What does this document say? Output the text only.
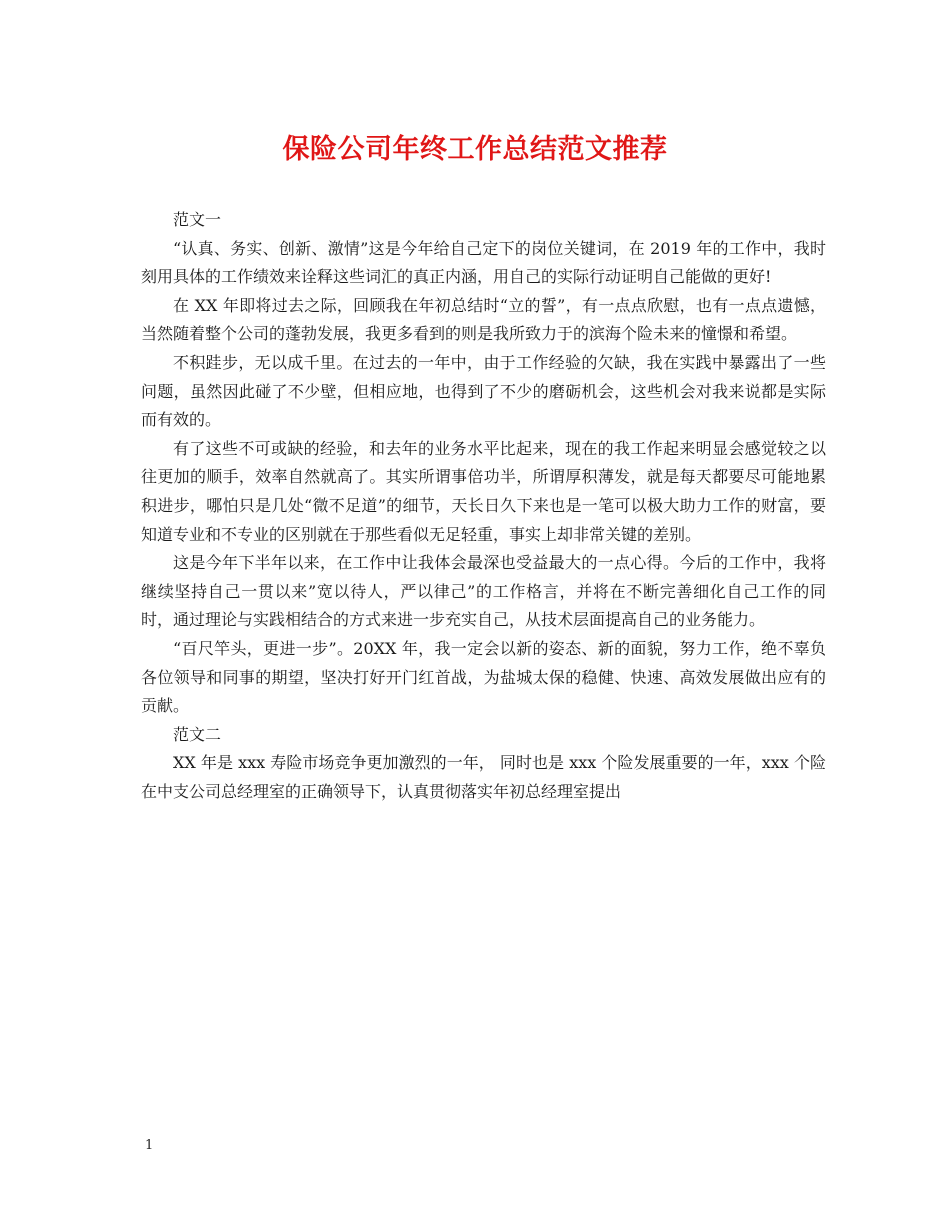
保险公司年终工作总结范文推荐

范文一

“认真、务实、创新、激情”这是今年给自己定下的岗位关键词，在 2019 年的工作中，我时刻用具体的工作绩效来诠释这些词汇的真正内涵，用自己的实际行动证明自己能做的更好!

在 XX 年即将过去之际，回顾我在年初总结时“立的誓”，有一点点欣慰，也有一点点遗憾，当然随着整个公司的蓬勃发展，我更多看到的则是我所致力于的滨海个险未来的憧憬和希望。

不积跬步，无以成千里。在过去的一年中，由于工作经验的欠缺，我在实践中暴露出了一些问题，虽然因此碰了不少壁，但相应地，也得到了不少的磨砺机会，这些机会对我来说都是实际而有效的。

有了这些不可或缺的经验，和去年的业务水平比起来，现在的我工作起来明显会感觉较之以往更加的顺手，效率自然就高了。其实所谓事倍功半，所谓厚积薄发，就是每天都要尽可能地累积进步，哪怕只是几处“微不足道”的细节，天长日久下来也是一笔可以极大助力工作的财富，要知道专业和不专业的区别就在于那些看似无足轻重，事实上却非常关键的差别。

这是今年下半年以来，在工作中让我体会最深也受益最大的一点心得。今后的工作中，我将继续坚持自己一贯以来”宽以待人，严以律己”的工作格言，并将在不断完善细化自己工作的同时，通过理论与实践相结合的方式来进一步充实自己，从技术层面提高自己的业务能力。

“百尺竿头，更进一步”。20XX 年，我一定会以新的姿态、新的面貌，努力工作，绝不辜负各位领导和同事的期望，坚决打好开门红首战，为盐城太保的稳健、快速、高效发展做出应有的贡献。

范文二

XX 年是 xxx 寿险市场竞争更加激烈的一年， 同时也是 xxx 个险发展重要的一年，xxx 个险在中支公司总经理室的正确领导下，认真贯彻落实年初总经理室提出

1
